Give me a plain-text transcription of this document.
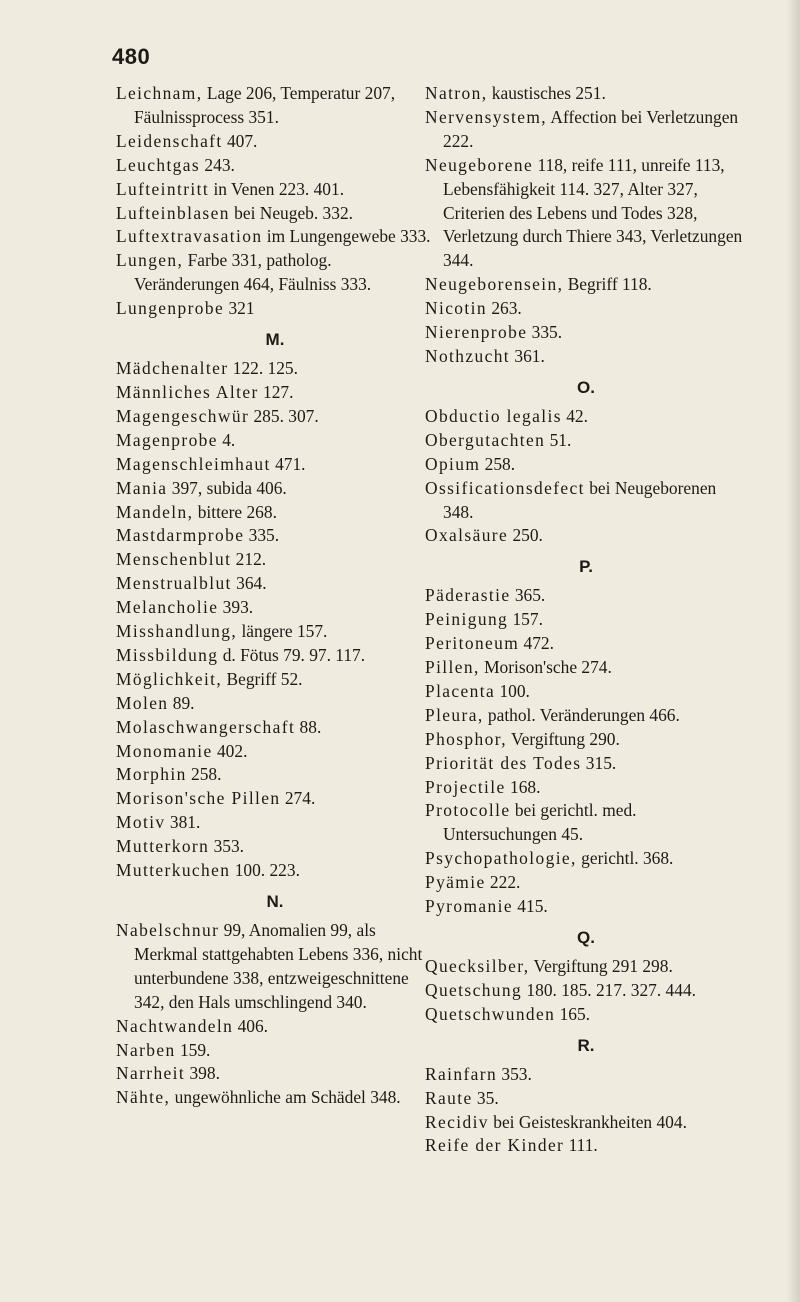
480

Leichnam, Lage 206, Temperatur 207, Fäulnissprocess 351.

Leidenschaft 407.

Leuchtgas 243.

Lufteintritt in Venen 223. 401.

Lufteinblasen bei Neugeb. 332.

Luftextravasation im Lungengewebe 333.

Lungen, Farbe 331, patholog. Veränderungen 464, Fäulniss 333.

Lungenprobe 321

M.

Mädchenalter 122. 125.

Männliches Alter 127.

Magengeschwür 285. 307.

Magenprobe 4.

Magenschleimhaut 471.

Mania 397, subida 406.

Mandeln, bittere 268.

Mastdarmprobe 335.

Menschenblut 212.

Menstrualblut 364.

Melancholie 393.

Misshandlung, längere 157.

Missbildung d. Fötus 79. 97. 117.

Möglichkeit, Begriff 52.

Molen 89.

Molaschwangerschaft 88.

Monomanie 402.

Morphin 258.

Morison'sche Pillen 274.

Motiv 381.

Mutterkorn 353.

Mutterkuchen 100. 223.

N.

Nabelschnur 99, Anomalien 99, als Merkmal stattgehabten Lebens 336, nicht unterbundene 338, entzweigeschnittene 342, den Hals umschlingend 340.

Nachtwandeln 406.

Narben 159.

Narrheit 398.

Nähte, ungewöhnliche am Schädel 348.

Natron, kaustisches 251.

Nervensystem, Affection bei Verletzungen 222.

Neugeborene 118, reife 111, unreife 113, Lebensfähigkeit 114. 327, Alter 327, Criterien des Lebens und Todes 328, Verletzung durch Thiere 343, Verletzungen 344.

Neugeborensein, Begriff 118.

Nicotin 263.

Nierenprobe 335.

Nothzucht 361.

O.

Obductio legalis 42.

Obergutachten 51.

Opium 258.

Ossificationsdefect bei Neugeborenen 348.

Oxalsäure 250.

P.

Päderastie 365.

Peinigung 157.

Peritoneum 472.

Pillen, Morison'sche 274.

Placenta 100.

Pleura, pathol. Veränderungen 466.

Phosphor, Vergiftung 290.

Priorität des Todes 315.

Projectile 168.

Protocolle bei gerichtl. med. Untersuchungen 45.

Psychopathologie, gerichtl. 368.

Pyämie 222.

Pyromanie 415.

Q.

Quecksilber, Vergiftung 291 298.

Quetschung 180. 185. 217. 327. 444.

Quetschwunden 165.

R.

Rainfarn 353.

Raute 35.

Recidiv bei Geisteskrankheiten 404.

Reife der Kinder 111.
